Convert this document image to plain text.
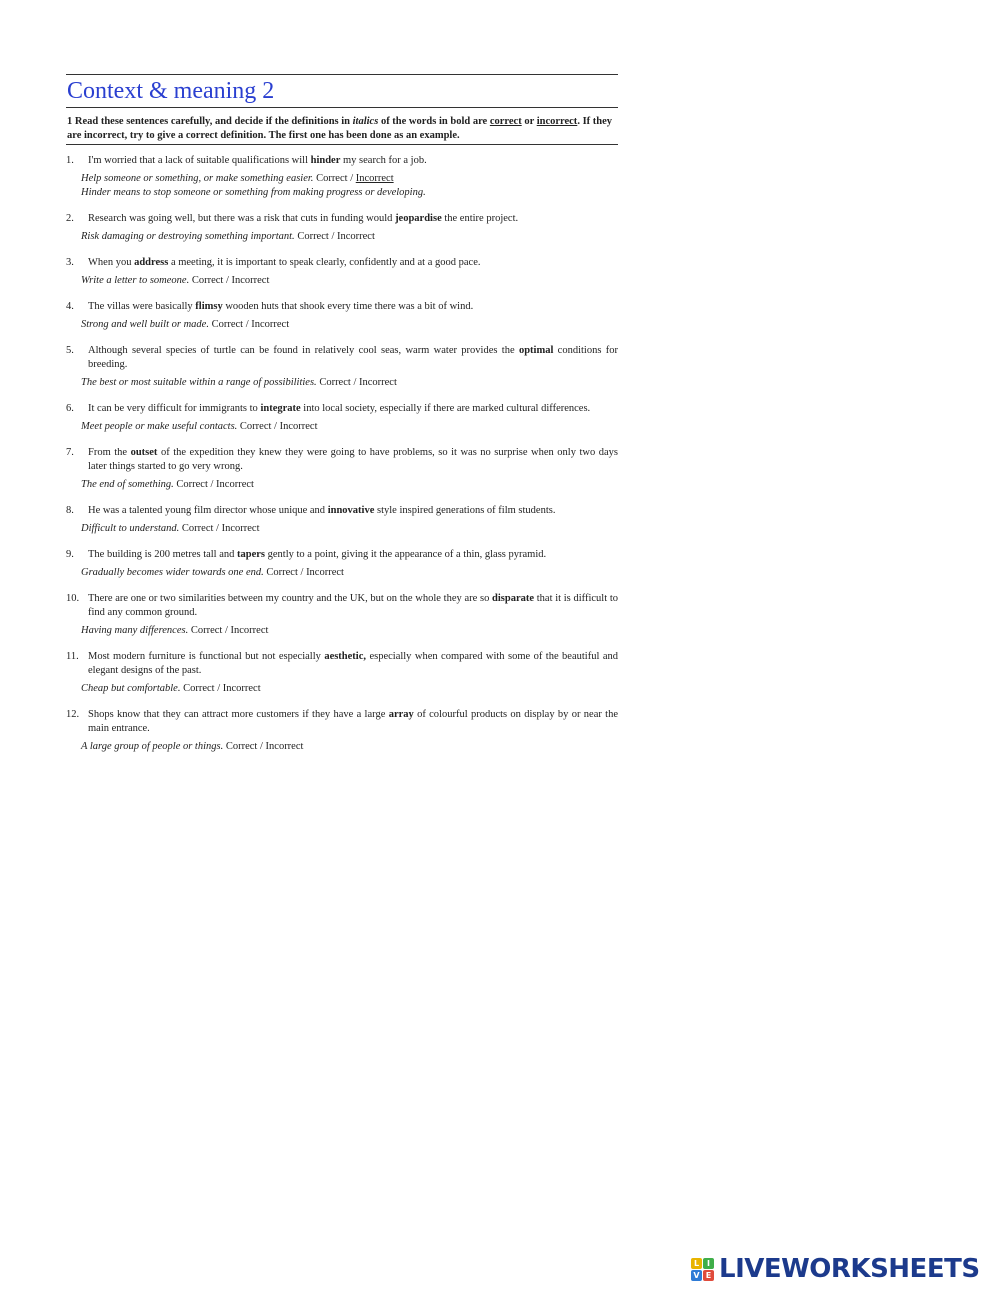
Context & meaning 2
1 Read these sentences carefully, and decide if the definitions in italics of the words in bold are correct or incorrect. If they are incorrect, try to give a correct definition. The first one has been done as an example.
1.	I'm worried that a lack of suitable qualifications will hinder my search for a job.
Help someone or something, or make something easier. Correct / Incorrect
Hinder means to stop someone or something from making progress or developing.
2.	Research was going well, but there was a risk that cuts in funding would jeopardise the entire project.
Risk damaging or destroying something important. Correct / Incorrect
3.	When you address a meeting, it is important to speak clearly, confidently and at a good pace.
Write a letter to someone. Correct / Incorrect
4.	The villas were basically flimsy wooden huts that shook every time there was a bit of wind.
Strong and well built or made. Correct / Incorrect
5.	Although several species of turtle can be found in relatively cool seas, warm water provides the optimal conditions for breeding.
The best or most suitable within a range of possibilities. Correct / Incorrect
6.	It can be very difficult for immigrants to integrate into local society, especially if there are marked cultural differences.
Meet people or make useful contacts. Correct / Incorrect
7.	From the outset of the expedition they knew they were going to have problems, so it was no surprise when only two days later things started to go very wrong.
The end of something. Correct / Incorrect
8.	He was a talented young film director whose unique and innovative style inspired generations of film students.
Difficult to understand. Correct / Incorrect
9.	The building is 200 metres tall and tapers gently to a point, giving it the appearance of a thin, glass pyramid.
Gradually becomes wider towards one end. Correct / Incorrect
10. There are one or two similarities between my country and the UK, but on the whole they are so disparate that it is difficult to find any common ground.
Having many differences. Correct / Incorrect
11. Most modern furniture is functional but not especially aesthetic, especially when compared with some of the beautiful and elegant designs of the past.
Cheap but comfortable. Correct / Incorrect
12. Shops know that they can attract more customers if they have a large array of colourful products on display by or near the main entrance.
A large group of people or things. Correct / Incorrect
L I
V E LIVEWORKSHEETS
